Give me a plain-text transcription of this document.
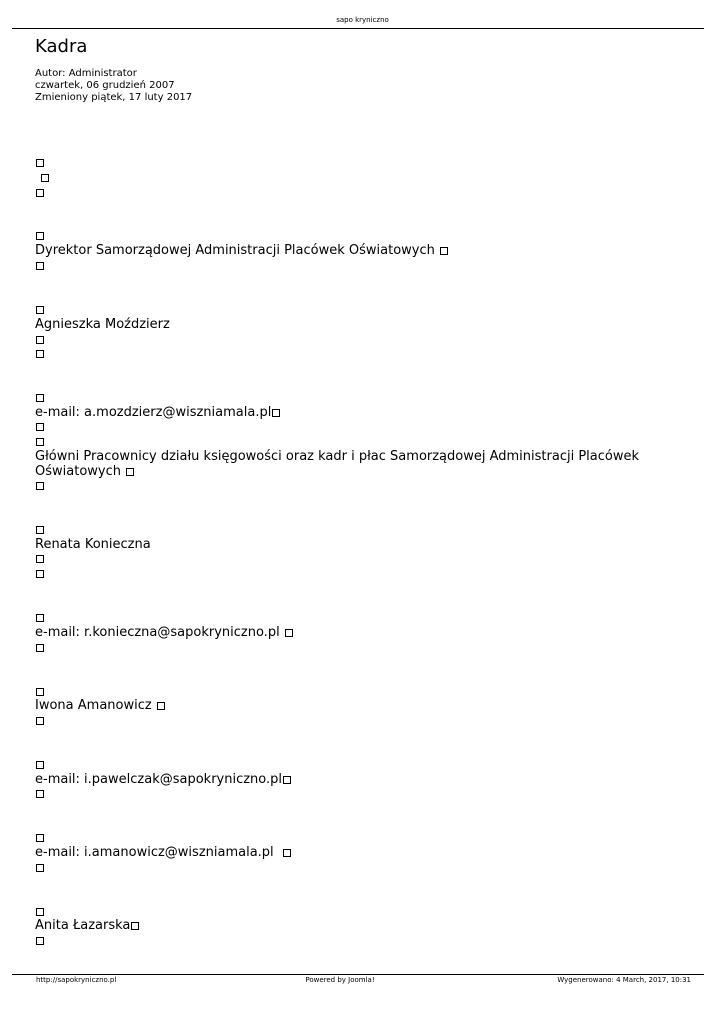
sapo kryniczno
Kadra
Autor: Administrator
czwartek, 06 grudzień 2007
Zmieniony piątek, 17 luty 2017
Dyrektor Samorządowej Administracji Placówek Oświatowych
Agnieszka Moździerz
e-mail: a.mozdzierz@wiszniamala.pl
Główni Pracownicy działu księgowości oraz kadr i płac Samorządowej Administracji Placówek
Oświatowych
Renata Konieczna
e-mail: r.konieczna@sapokryniczno.pl
Iwona Amanowicz
e-mail: i.pawelczak@sapokryniczno.pl
e-mail: i.amanowicz@wiszniamala.pl
Anita Łazarska
http://sapokryniczno.pl	Powered by Joomla!	Wygenerowano: 4 March, 2017, 10:31
